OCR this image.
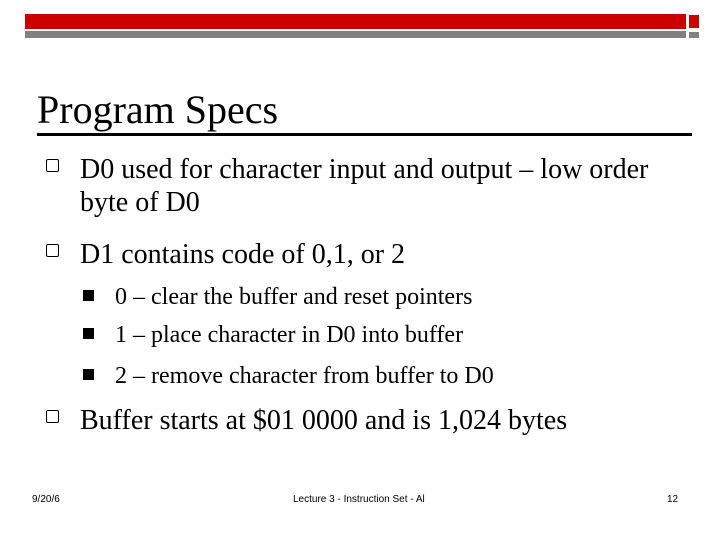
Program Specs
D0 used for character input and output – low order byte of D0
D1 contains code of 0,1, or 2
0 – clear the buffer and reset pointers
1 – place character in D0 into buffer
2 – remove character from buffer to D0
Buffer starts at $01 0000 and is 1,024 bytes
9/20/6	Lecture 3 - Instruction Set - Al	12
